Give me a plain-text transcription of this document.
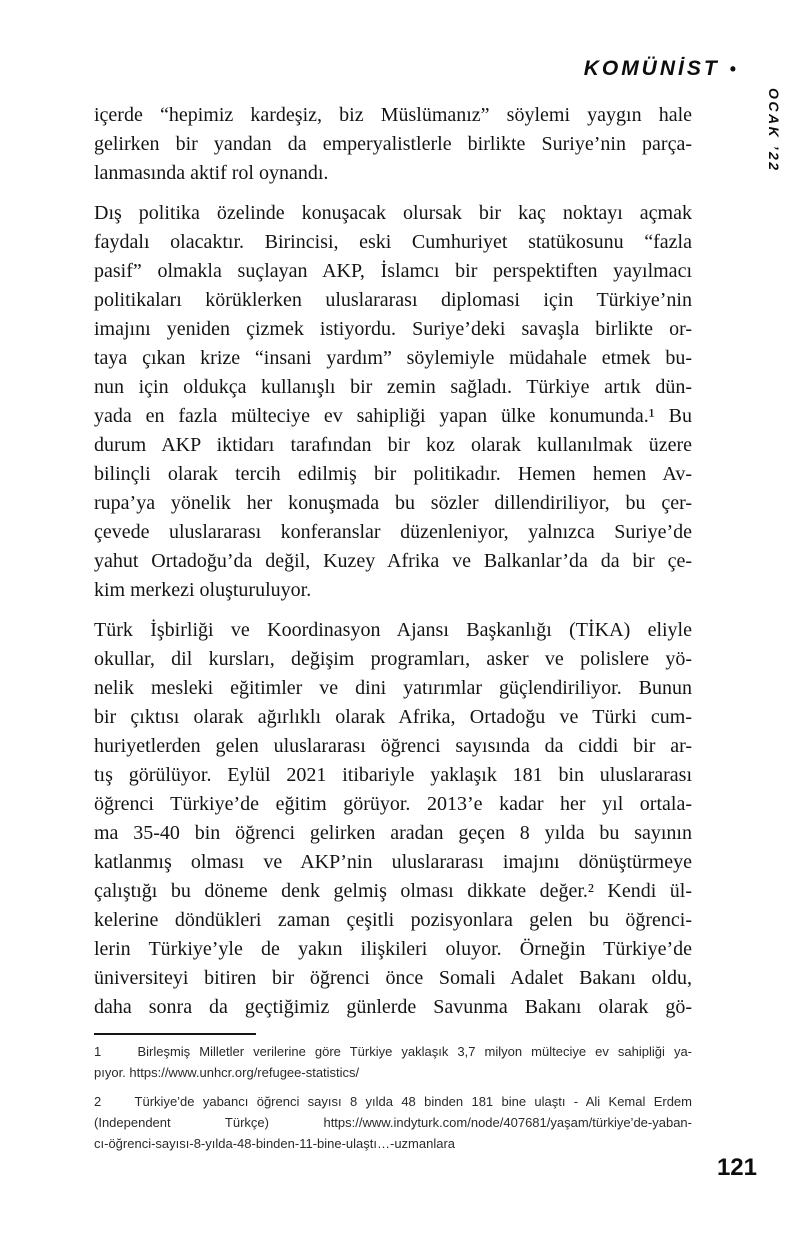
KOMÜNİST •
OCAK ’22
içerde “hepimiz kardeşiz, biz Müslümanız” söylemi yaygın hale
gelirken bir yandan da emperyalistlerle birlikte Suriye’nin parça-
lanmasında aktif rol oynandı.
Dış politika özelinde konuşacak olursak bir kaç noktayı açmak
faydalı olacaktır. Birincisi, eski Cumhuriyet statükosunu “fazla
pasif” olmakla suçlayan AKP, İslamcı bir perspektiften yayılmacı
politikaları körüklerken uluslararası diplomasi için Türkiye’nin
imajını yeniden çizmek istiyordu. Suriye’deki savaşla birlikte or-
taya çıkan krize “insani yardım” söylemiyle müdahale etmek bu-
nun için oldukça kullanışlı bir zemin sağladı. Türkiye artık dün-
yada en fazla mülteciye ev sahipliği yapan ülke konumunda.¹ Bu
durum AKP iktidarı tarafından bir koz olarak kullanılmak üzere
bilinçli olarak tercih edilmiş bir politikadır. Hemen hemen Av-
rupa’ya yönelik her konuşmada bu sözler dillendiriliyor, bu çer-
çevede uluslararası konferanslar düzenleniyor, yalnızca Suriye’de
yahut Ortadoğu’da değil, Kuzey Afrika ve Balkanlar’da da bir çe-
kim merkezi oluşturuluyor.
Türk İşbirliği ve Koordinasyon Ajansı Başkanlığı (TİKA) eliyle
okullar, dil kursları, değişim programları, asker ve polislere yö-
nelik mesleki eğitimler ve dini yatırımlar güçlendiriliyor. Bunun
bir çıktısı olarak ağırlıklı olarak Afrika, Ortadoğu ve Türki cum-
huriyetlerden gelen uluslararası öğrenci sayısında da ciddi bir ar-
tış görülüyor. Eylül 2021 itibariyle yaklaşık 181 bin uluslararası
öğrenci Türkiye’de eğitim görüyor. 2013’e kadar her yıl ortala-
ma 35-40 bin öğrenci gelirken aradan geçen 8 yılda bu sayının
katlanmış olması ve AKP’nin uluslararası imajını dönüştürmeye
çalıştığı bu döneme denk gelmiş olması dikkate değer.² Kendi ül-
kelerine döndükleri zaman çeşitli pozisyonlara gelen bu öğrenci-
lerin Türkiye’yle de yakın ilişkileri oluyor. Örneğin Türkiye’de
üniversiteyi bitiren bir öğrenci önce Somali Adalet Bakanı oldu,
daha sonra da geçtiğimiz günlerde Savunma Bakanı olarak gö-
1    Birleşmiş Milletler verilerine göre Türkiye yaklaşık 3,7 milyon mülteciye ev sahipliği ya-
pıyor. https://www.unhcr.org/refugee-statistics/
2    Türkiye’de yabancı öğrenci sayısı 8 yılda 48 binden 181 bine ulaştı - Ali Kemal Erdem
(Independent Türkçe) https://www.indyturk.com/node/407681/yaşam/türkiye’de-yaban-
cı-öğrenci-sayısı-8-yılda-48-binden-11-bine-ulaştı…-uzmanlara
121
